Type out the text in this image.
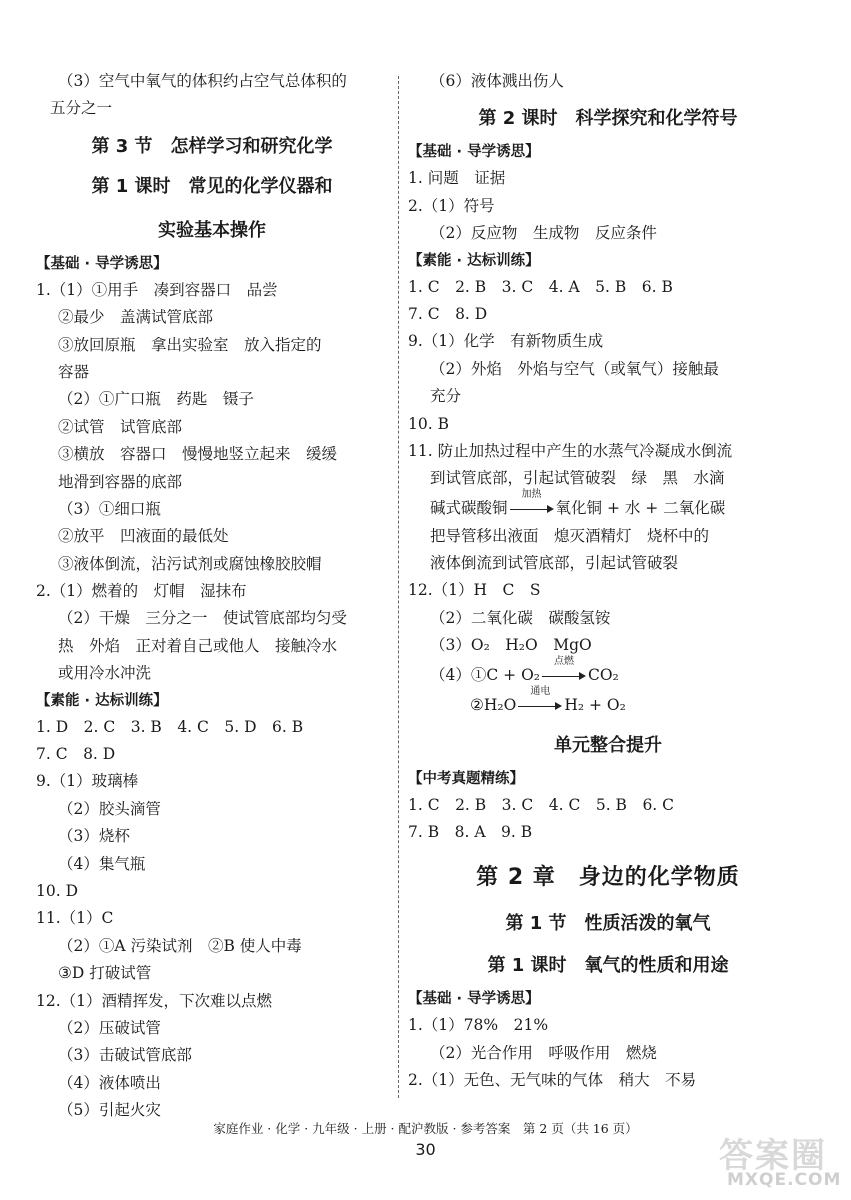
（3）空气中氧气的体积约占空气总体积的
五分之一
第 3 节　怎样学习和研究化学
第 1 课时　常见的化学仪器和
实验基本操作
【基础 · 导学诱思】
1.（1）①用手　凑到容器口　品尝
②最少　盖满试管底部
③放回原瓶　拿出实验室　放入指定的
容器
（2）①广口瓶　药匙　镊子
②试管　试管底部
③横放　容器口　慢慢地竖立起来　缓缓
地滑到容器的底部
（3）①细口瓶
②放平　凹液面的最低处
③液体倒流，沾污试剂或腐蚀橡胶胶帽
2.（1）燃着的　灯帽　湿抹布
（2）干燥　三分之一　使试管底部均匀受
热　外焰　正对着自己或他人　接触冷水
或用冷水冲洗
【素能 · 达标训练】
1. D　2. C　3. B　4. C　5. D　6. B
7. C　8. D
9.（1）玻璃棒
（2）胶头滴管
（3）烧杯
（4）集气瓶
10. D
11.（1）C
（2）①A 污染试剂　②B 使人中毒
③D 打破试管
12.（1）酒精挥发，下次难以点燃
（2）压破试管
（3）击破试管底部
（4）液体喷出
（5）引起火灾
（6）液体溅出伤人
第 2 课时　科学探究和化学符号
【基础 · 导学诱思】
1. 问题　证据
2.（1）符号
（2）反应物　生成物　反应条件
【素能 · 达标训练】
1. C　2. B　3. C　4. A　5. B　6. B
7. C　8. D
9.（1）化学　有新物质生成
（2）外焰　外焰与空气（或氧气）接触最
充分
10. B
11. 防止加热过程中产生的水蒸气冷凝成水倒流
到试管底部，引起试管破裂　绿　黑　水滴
碱式碳酸铜
加热
氧化铜 + 水 + 二氧化碳
把导管移出液面　熄灭酒精灯　烧杯中的
液体倒流到试管底部，引起试管破裂
12.（1）H　C　S
（2）二氧化碳　碳酸氢铵
（3）O₂　H₂O　MgO
（4）①C + O₂
点燃
CO₂
②H₂O
通电
H₂ + O₂
单元整合提升
【中考真题精练】
1. C　2. B　3. C　4. C　5. B　6. C
7. B　8. A　9. B
第 2 章　身边的化学物质
第 1 节　性质活泼的氧气
第 1 课时　氧气的性质和用途
【基础 · 导学诱思】
1.（1）78%　21%
（2）光合作用　呼吸作用　燃烧
2.（1）无色、无气味的气体　稍大　不易
家庭作业 · 化学 · 九年级 · 上册 · 配沪教版 · 参考答案　第 2 页（共 16 页）
30	答案圈
MXQE.COM
